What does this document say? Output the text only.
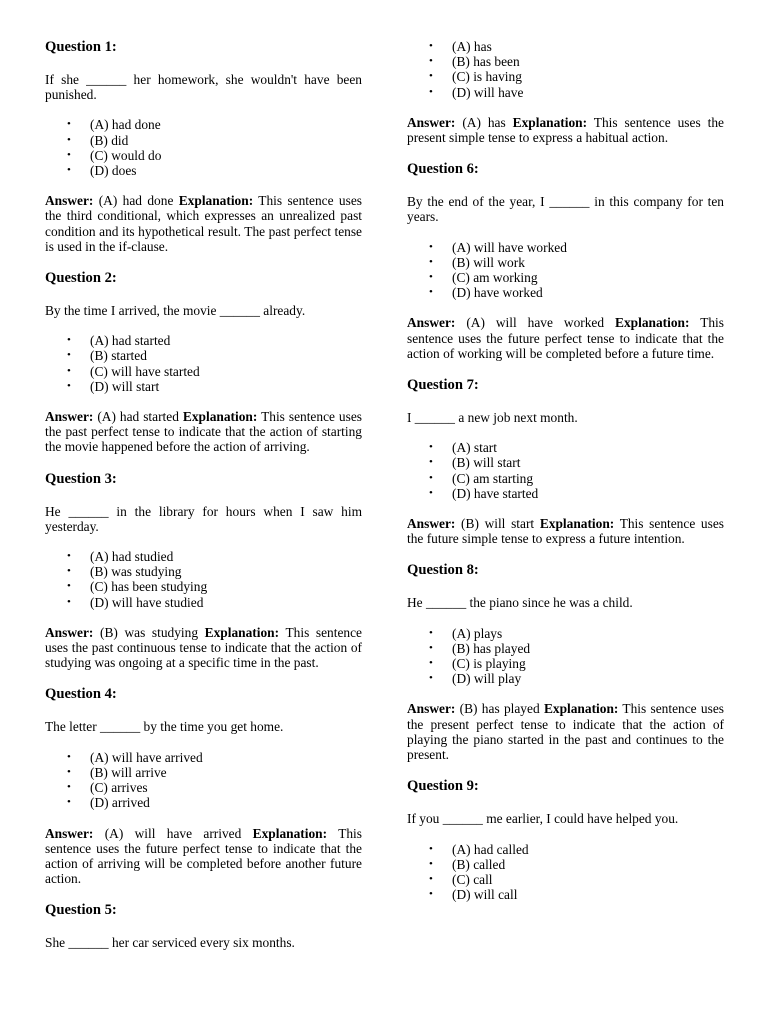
Question 1:

If she ______ her homework, she wouldn't have been punished.

• (A) had done
• (B) did
• (C) would do
• (D) does

Answer: (A) had done Explanation: This sentence uses the third conditional, which expresses an unrealized past condition and its hypothetical result. The past perfect tense is used in the if-clause.

Question 2:

By the time I arrived, the movie ______ already.

• (A) had started
• (B) started
• (C) will have started
• (D) will start

Answer: (A) had started Explanation: This sentence uses the past perfect tense to indicate that the action of starting the movie happened before the action of arriving.

Question 3:

He ______ in the library for hours when I saw him yesterday.

• (A) had studied
• (B) was studying
• (C) has been studying
• (D) will have studied

Answer: (B) was studying Explanation: This sentence uses the past continuous tense to indicate that the action of studying was ongoing at a specific time in the past.

Question 4:

The letter ______ by the time you get home.

• (A) will have arrived
• (B) will arrive
• (C) arrives
• (D) arrived

Answer: (A) will have arrived Explanation: This sentence uses the future perfect tense to indicate that the action of arriving will be completed before another future action.

Question 5:

She ______ her car serviced every six months.

• (A) has
• (B) has been
• (C) is having
• (D) will have

Answer: (A) has Explanation: This sentence uses the present simple tense to express a habitual action.

Question 6:

By the end of the year, I ______ in this company for ten years.

• (A) will have worked
• (B) will work
• (C) am working
• (D) have worked

Answer: (A) will have worked Explanation: This sentence uses the future perfect tense to indicate that the action of working will be completed before a future time.

Question 7:

I ______ a new job next month.

• (A) start
• (B) will start
• (C) am starting
• (D) have started

Answer: (B) will start Explanation: This sentence uses the future simple tense to express a future intention.

Question 8:

He ______ the piano since he was a child.

• (A) plays
• (B) has played
• (C) is playing
• (D) will play

Answer: (B) has played Explanation: This sentence uses the present perfect tense to indicate that the action of playing the piano started in the past and continues to the present.

Question 9:

If you ______ me earlier, I could have helped you.

• (A) had called
• (B) called
• (C) call
• (D) will call
